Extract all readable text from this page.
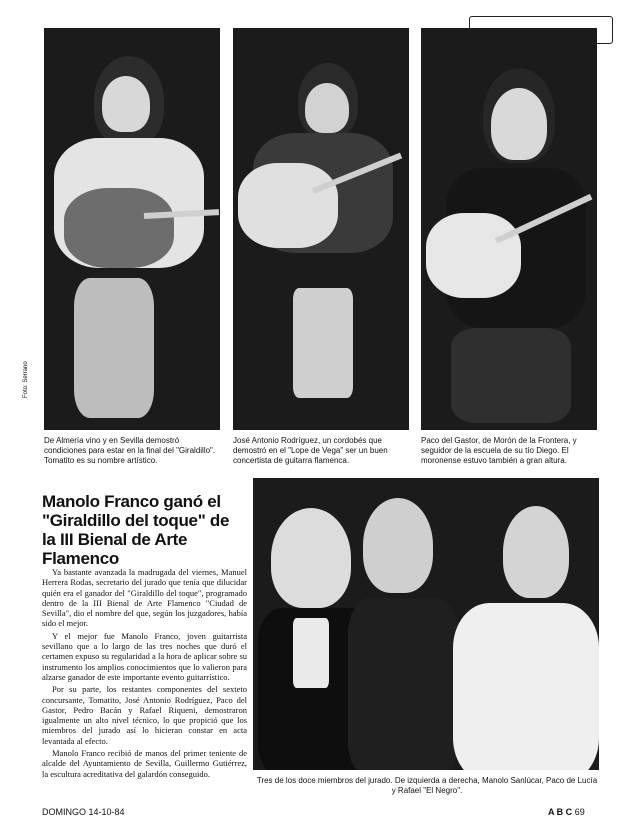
Foto: Serrano
De Almería vino y en Sevilla demostró condiciones para estar en la final del "Giraldillo". Tomatito es su nombre artístico.
José Antonio Rodríguez, un cordobés que demostró en el "Lope de Vega" ser un buen concertista de guitarra flamenca.
Paco del Gastor, de Morón de la Frontera, y seguidor de la escuela de su tío Diego. El moronense estuvo también a gran altura.
Manolo Franco ganó el "Giraldillo del toque" de la III Bienal de Arte Flamenco

Ya bastante avanzada la madrugada del viernes, Manuel Herrera Rodas, secretario del jurado que tenía que dilucidar quién era el ganador del "Giraldillo del toque", programado dentro de la III Bienal de Arte Flamenco "Ciudad de Sevilla", dio el nombre del que, según los juzgadores, había sido el mejor.

Y el mejor fue Manolo Franco, joven guitarrista sevillano que a lo largo de las tres noches que duró el certamen expuso su regularidad a la hora de aplicar sobre su instrumento los amplios conocimientos que lo valieron para alzarse ganador de este importante evento guitarrístico.

Por su parte, los restantes componentes del sexteto concursante, Tomatito, José Antonio Rodríguez, Paco del Gastor, Pedro Bacán y Rafael Riqueni, demostraron igualmente un alto nivel técnico, lo que propició que los miembros del jurado así lo hicieran constar en acta levantada al efecto.

Manolo Franco recibió de manos del primer teniente de alcalde del Ayuntamiento de Sevilla, Guillermo Gutiérrez, la escultura acreditativa del galardón conseguido.

Tres de los doce miembros del jurado. De izquierda a derecha, Manolo Sanlúcar, Paco de Lucía y Rafael "El Negro".
DOMINGO 14-10-84	A B C 69
